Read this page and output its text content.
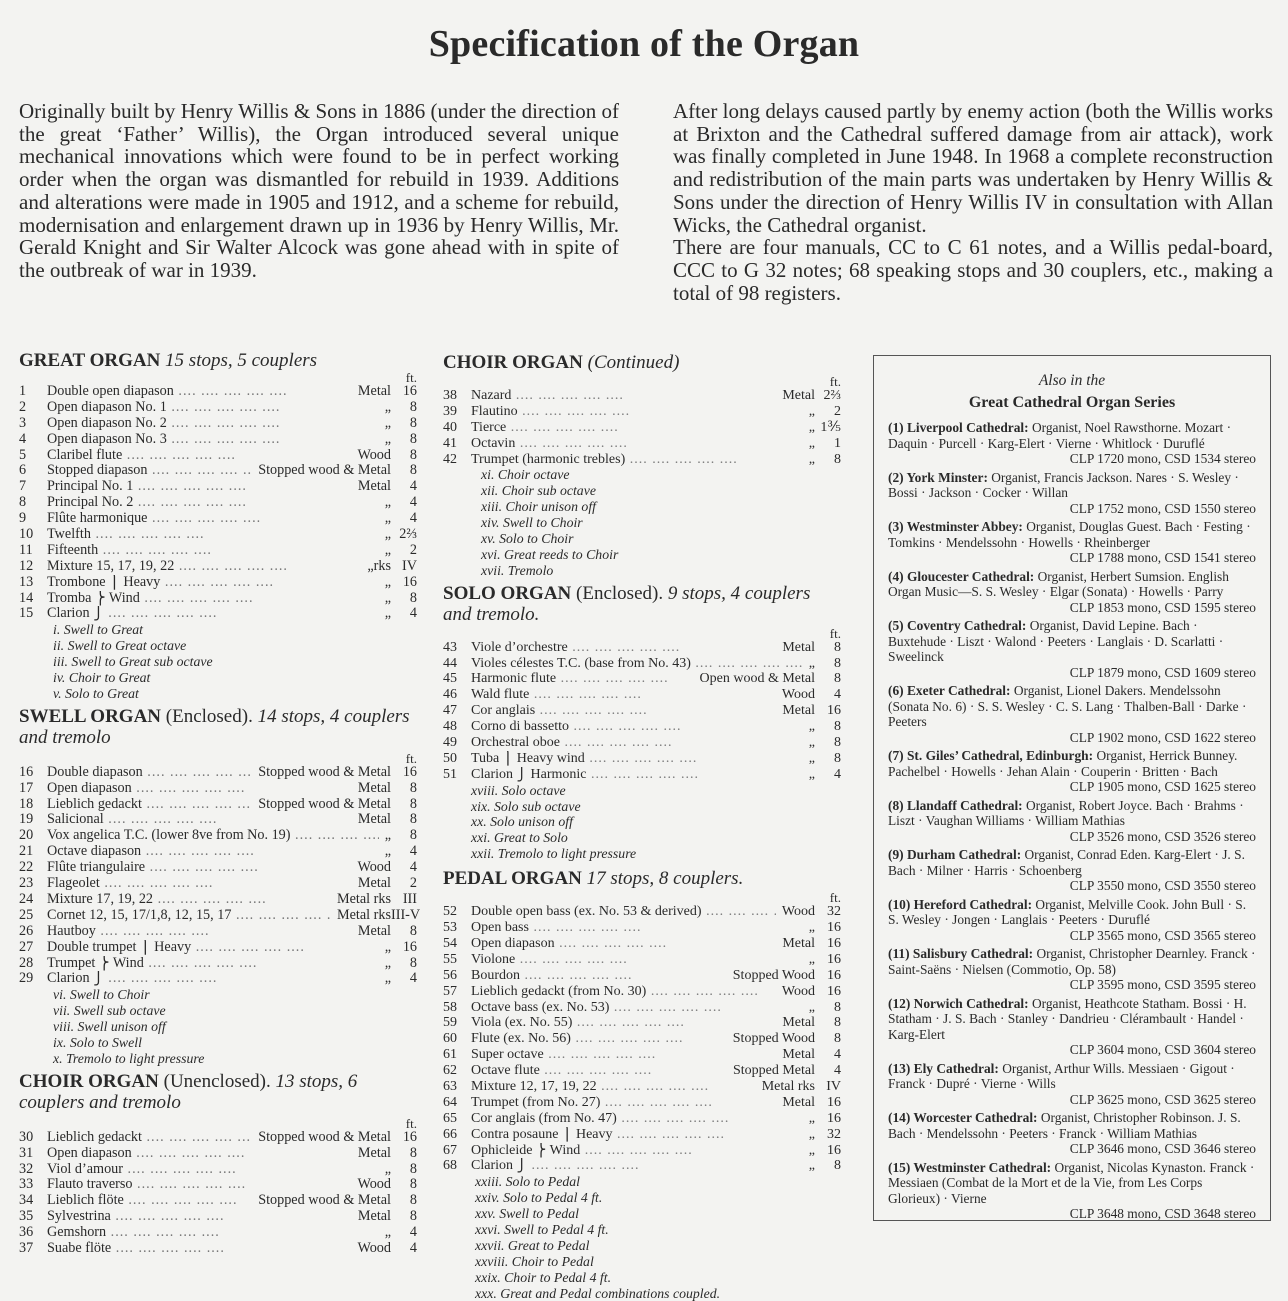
Specification of the Organ

Originally built by Henry Willis & Sons in 1886 (under the direction of the great ‘Father’ Willis), the Organ introduced several unique mechanical innovations which were found to be in perfect working order when the organ was dismantled for rebuild in 1939. Additions and alterations were made in 1905 and 1912, and a scheme for rebuild, modernisation and enlargement drawn up in 1936 by Henry Willis, Mr. Gerald Knight and Sir Walter Alcock was gone ahead with in spite of the outbreak of war in 1939.

After long delays caused partly by enemy action (both the Willis works at Brixton and the Cathedral suffered damage from air attack), work was finally completed in June 1948. In 1968 a complete reconstruction and redistribution of the main parts was undertaken by Henry Willis & Sons under the direction of Henry Willis IV in consultation with Allan Wicks, the Cathedral organist.

There are four manuals, CC to C 61 notes, and a Willis pedal-board, CCC to G 32 notes; 68 speaking stops and 30 couplers, etc., making a total of 98 registers.

GREAT ORGAN 15 stops, 5 couplers

ft.
1	Double open diapason ....	Metal 16
2	Open diapason No. 1 ....	„	8
3	Open diapason No. 2 ....	„	8
4	Open diapason No. 3 ....	„	8
5	Claribel flute ....	Wood	8
6	Stopped diapason ....	Stopped wood & Metal	8
7	Principal No. 1 ....	Metal	4
8	Principal No. 2 ....	„	4
9	Flûte harmonique ....	„	4
10 Twelfth ....	„ 2⅔
11	Fifteenth ....	„	2
12 Mixture 15, 17, 19, 22 ....	„rks IV
13 Trombone ⎫ Heavy ....	„ 16
14 Tromba ⎬ Wind ....	„	8
15 Clarion ⎭ ....	„	4
i. Swell to Great
ii. Swell to Great octave
iii. Swell to Great sub octave
iv. Choir to Great
v. Solo to Great

SWELL ORGAN (Enclosed). 14 stops, 4 couplers and tremolo

ft.
16 Double diapason ....	Stopped wood & Metal 16
17 Open diapason ....	Metal	8
18 Lieblich gedackt ....	Stopped wood & Metal	8
19 Salicional ....	Metal	8
20 Vox angelica T.C. (lower 8ve from No. 19) ....	„	8
21 Octave diapason ....	„	4
22 Flûte triangulaire ....	Wood	4
23 Flageolet ....	Metal	2
24 Mixture 17, 19, 22 ....	Metal rks III
25 Cornet 12, 15, 17/1,8, 12, 15, 17 ....	Metal rks III-V
26 Hautboy ....	Metal	8
27 Double trumpet ⎫ Heavy ....	„ 16
28 Trumpet ⎬ Wind ....	„	8
29 Clarion ⎭ ....	„	4
vi. Swell to Choir
vii. Swell sub octave
viii. Swell unison off
ix. Solo to Swell
x. Tremolo to light pressure

CHOIR ORGAN (Unenclosed). 13 stops, 6 couplers and tremolo

ft.
30 Lieblich gedackt ....	Stopped wood & Metal 16
31 Open diapason ....	Metal	8
32 Viol d’amour ....	„	8
33 Flauto traverso ....	Wood	8
34 Lieblich flöte ....	Stopped wood & Metal	8
35 Sylvestrina ....	Metal	8
36 Gemshorn ....	„	4
37 Suabe flöte ....	Wood	4

CHOIR ORGAN (Continued)

ft.
38	Nazard ....	Metal 2⅔
39	Flautino ....	„	2
40	Tierce ....	„ 1⅗
41	Octavin ....	„	1
42	Trumpet (harmonic trebles) ....	„	8
xi. Choir octave
xii. Choir sub octave
xiii. Choir unison off
xiv. Swell to Choir
xv. Solo to Choir
xvi. Great reeds to Choir
xvii. Tremolo

SOLO ORGAN (Enclosed). 9 stops, 4 couplers and tremolo.

ft.
43	Viole d’orchestre ....	Metal	8
44	Violes célestes T.C. (base from No. 43) ....	„	8
45	Harmonic flute ....	Open wood & Metal	8
46	Wald flute ....	Wood	4
47	Cor anglais ....	Metal 16
48	Corno di bassetto ....	„	8
49	Orchestral oboe ....	„	8
50	Tuba ⎫ Heavy wind ....	„	8
51	Clarion ⎭ Harmonic ....	„	4
xviii. Solo octave
xix. Solo sub octave
xx. Solo unison off
xxi. Great to Solo
xxii. Tremolo to light pressure

PEDAL ORGAN 17 stops, 8 couplers.

ft.
52	Double open bass (ex. No. 53 & derived) ....	Wood 32
53	Open bass ....	„ 16
54	Open diapason ....	Metal 16
55	Violone ....	„ 16
56	Bourdon ....	Stopped Wood 16
57	Lieblich gedackt (from No. 30) ....	Wood 16
58	Octave bass (ex. No. 53) ....	„	8
59	Viola (ex. No. 55) ....	Metal	8
60	Flute (ex. No. 56) ....	Stopped Wood	8
61	Super octave ....	Metal	4
62	Octave flute ....	Stopped Metal	4
63	Mixture 12, 17, 19, 22 ....	Metal rks IV
64	Trumpet (from No. 27) ....	Metal 16
65	Cor anglais (from No. 47) ....	„ 16
66	Contra posaune ⎫ Heavy ....	„ 32
67	Ophicleide ⎬ Wind ....	„ 16
68	Clarion ⎭ ....	„	8
xxiii. Solo to Pedal
xxiv. Solo to Pedal 4 ft.
xxv. Swell to Pedal
xxvi. Swell to Pedal 4 ft.
xxvii. Great to Pedal
xxviii. Choir to Pedal
xxix. Choir to Pedal 4 ft.
xxx. Great and Pedal combinations coupled.
Also in the
Great Cathedral Organ Series
(1) Liverpool Cathedral: Organist, Noel Rawsthorne. Mozart · Daquin · Purcell · Karg-Elert · Vierne · Whitlock · Duruflé
CLP 1720 mono, CSD 1534 stereo
(2) York Minster: Organist, Francis Jackson. Nares · S. Wesley · Bossi · Jackson · Cocker · Willan
CLP 1752 mono, CSD 1550 stereo
(3) Westminster Abbey: Organist, Douglas Guest. Bach · Festing · Tomkins · Mendelssohn · Howells · Rheinberger
CLP 1788 mono, CSD 1541 stereo
(4) Gloucester Cathedral: Organist, Herbert Sumsion. English Organ Music—S. S. Wesley · Elgar (Sonata) · Howells · Parry
CLP 1853 mono, CSD 1595 stereo
(5) Coventry Cathedral: Organist, David Lepine. Bach · Buxtehude · Liszt · Walond · Peeters · Langlais · D. Scarlatti · Sweelinck
CLP 1879 mono, CSD 1609 stereo
(6) Exeter Cathedral: Organist, Lionel Dakers. Mendelssohn (Sonata No. 6) · S. S. Wesley · C. S. Lang · Thalben-Ball · Darke · Peeters
CLP 1902 mono, CSD 1622 stereo
(7) St. Giles’ Cathedral, Edinburgh: Organist, Herrick Bunney. Pachelbel · Howells · Jehan Alain · Couperin · Britten · Bach
CLP 1905 mono, CSD 1625 stereo
(8) Llandaff Cathedral: Organist, Robert Joyce. Bach · Brahms · Liszt · Vaughan Williams · William Mathias
CLP 3526 mono, CSD 3526 stereo
(9) Durham Cathedral: Organist, Conrad Eden. Karg-Elert · J. S. Bach · Milner · Harris · Schoenberg
CLP 3550 mono, CSD 3550 stereo
(10) Hereford Cathedral: Organist, Melville Cook. John Bull · S. S. Wesley · Jongen · Langlais · Peeters · Duruflé
CLP 3565 mono, CSD 3565 stereo
(11) Salisbury Cathedral: Organist, Christopher Dearnley. Franck · Saint-Saëns · Nielsen (Commotio, Op. 58)
CLP 3595 mono, CSD 3595 stereo
(12) Norwich Cathedral: Organist, Heathcote Statham. Bossi · H. Statham · J. S. Bach · Stanley · Dandrieu · Clérambault · Handel · Karg-Elert
CLP 3604 mono, CSD 3604 stereo
(13) Ely Cathedral: Organist, Arthur Wills. Messiaen · Gigout · Franck · Dupré · Vierne · Wills
CLP 3625 mono, CSD 3625 stereo
(14) Worcester Cathedral: Organist, Christopher Robinson. J. S. Bach · Mendelssohn · Peeters · Franck · William Mathias
CLP 3646 mono, CSD 3646 stereo
(15) Westminster Cathedral: Organist, Nicolas Kynaston. Franck · Messiaen (Combat de la Mort et de la Vie, from Les Corps Glorieux) · Vierne
CLP 3648 mono, CSD 3648 stereo
